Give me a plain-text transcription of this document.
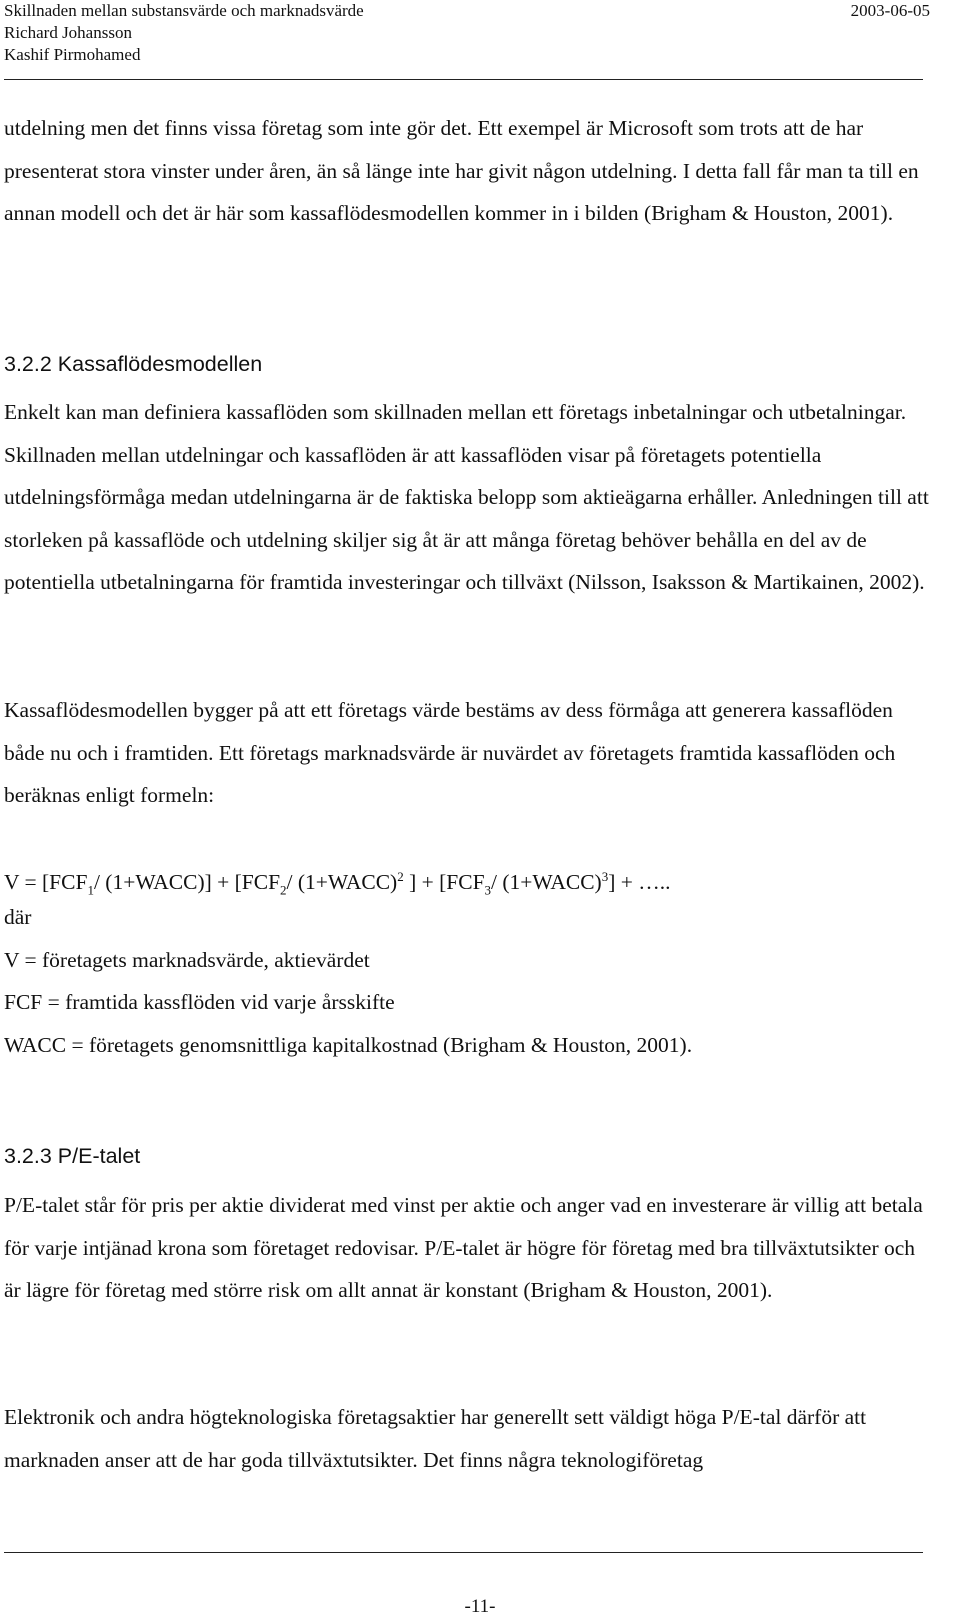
Skillnaden mellan substansvärde och marknadsvärde	2003-06-05
Richard Johansson
Kashif Pirmohamed

utdelning men det finns vissa företag som inte gör det. Ett exempel är Microsoft som trots att de har presenterat stora vinster under åren, än så länge inte har givit någon utdelning. I detta fall får man ta till en annan modell och det är här som kassaflödesmodellen kommer in i bilden (Brigham & Houston, 2001).

3.2.2 Kassaflödesmodellen

Enkelt kan man definiera kassaflöden som skillnaden mellan ett företags inbetalningar och utbetalningar. Skillnaden mellan utdelningar och kassaflöden är att kassaflöden visar på företagets potentiella utdelningsförmåga medan utdelningarna är de faktiska belopp som aktieägarna erhåller. Anledningen till att storleken på kassaflöde och utdelning skiljer sig åt är att många företag behöver behålla en del av de potentiella utbetalningarna för framtida investeringar och tillväxt (Nilsson, Isaksson & Martikainen, 2002).

Kassaflödesmodellen bygger på att ett företags värde bestäms av dess förmåga att generera kassaflöden både nu och i framtiden. Ett företags marknadsvärde är nuvärdet av företagets framtida kassaflöden och beräknas enligt formeln:

$V = [FCF_1/$ (1+WACC)] + [$FCF_2/$ (1+WACC)$^2$ ] + [$FCF_3/$ (1+WACC)$^3$] + …..
där
V = företagets marknadsvärde, aktievärdet
FCF = framtida kassflöden vid varje årsskifte
WACC = företagets genomsnittliga kapitalkostnad (Brigham & Houston, 2001).
3.2.3 P/E-talet

P/E-talet står för pris per aktie dividerat med vinst per aktie och anger vad en investerare är villig att betala för varje intjänad krona som företaget redovisar. P/E-talet är högre för företag med bra tillväxtutsikter och är lägre för företag med större risk om allt annat är konstant (Brigham & Houston, 2001).

Elektronik och andra högteknologiska företagsaktier har generellt sett väldigt höga P/E-tal därför att marknaden anser att de har goda tillväxtutsikter. Det finns några teknologiföretag

-11-
